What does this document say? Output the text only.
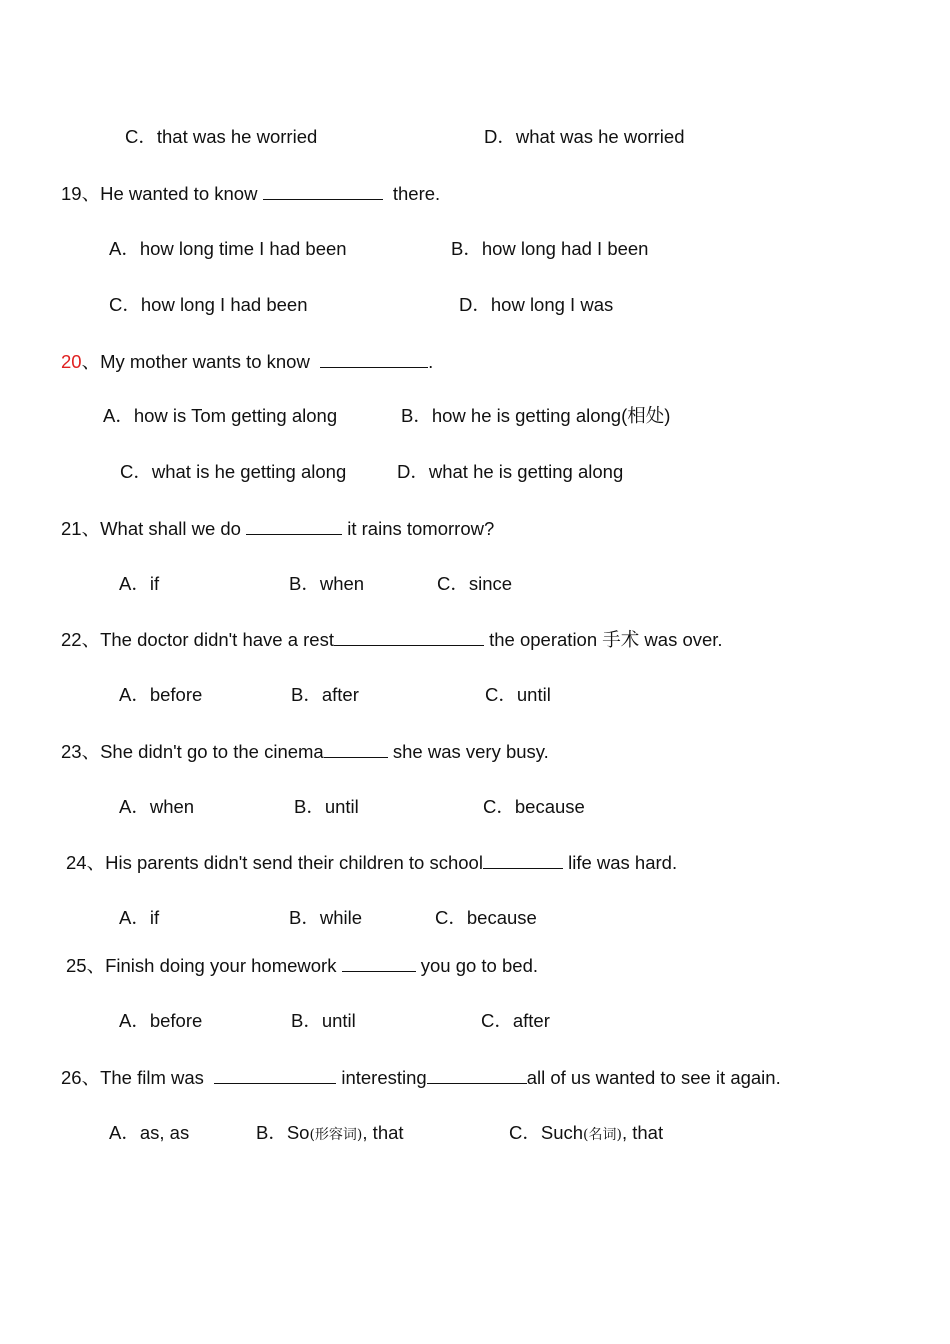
C．that was he worried	D．what was he worried
19、He wanted to know	there.
A．how long time I had been	B．how long had I been
C．how long I had been	D．how long I was
20、My mother wants to know	.
A．how is Tom getting along	B．how he is getting along(相处)
C．what is he getting along	D．what he is getting along
21、What shall we do	it rains tomorrow?
A．if	B．when	C．since
22、The doctor didn't have a rest	the operation 手术 was over.
A．before	B．after	C．until
23、She didn't go to the cinema	she was very busy.
A．when	B．until	C．because
24、His parents didn't send their children to school	life was hard.
A．if	B．while	C．because
25、Finish doing your homework	you go to bed.
A．before	B．until	C．after
26、The film was	interesting	all of us wanted to see it again.
A．as, as	B．So(形容词), that	C．Such(名词), that
